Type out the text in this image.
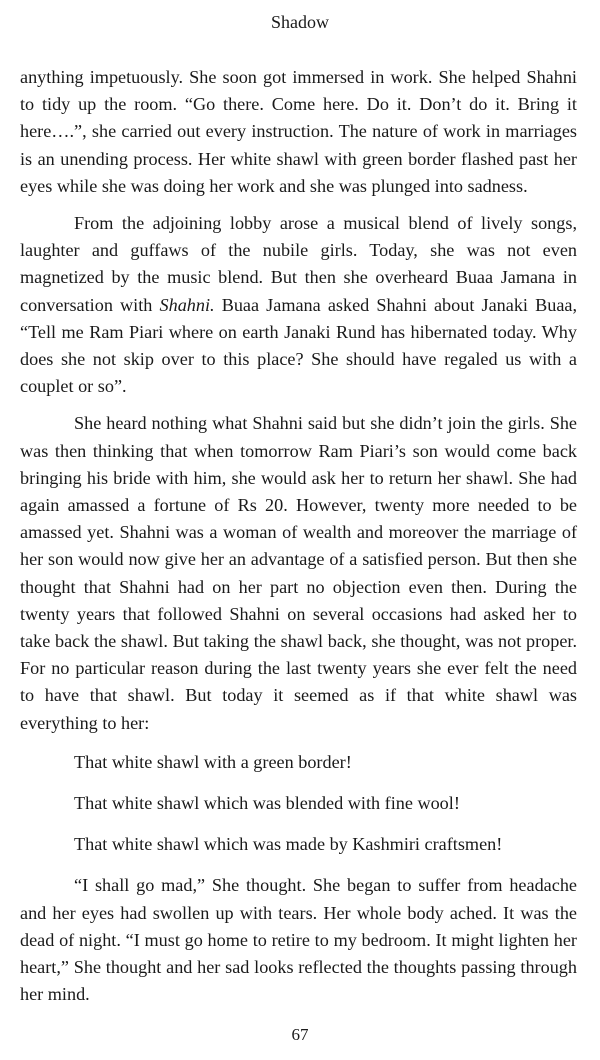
Shadow

anything impetuously. She soon got immersed in work. She helped Shahni to tidy up the room. “Go there. Come here. Do it. Don’t do it. Bring it here….”, she carried out every instruction. The nature of work in marriages is an unending process. Her white shawl with green border flashed past her eyes while she was doing her work and she was plunged into sadness.

From the adjoining lobby arose a musical blend of lively songs, laughter and guffaws of the nubile girls. Today, she was not even magnetized by the music blend. But then she overheard Buaa Jamana in conversation with Shahni. Buaa Jamana asked Shahni about Janaki Buaa, “Tell me Ram Piari where on earth Janaki Rund has hibernated today. Why does she not skip over to this place? She should have regaled us with a couplet or so”.

She heard nothing what Shahni said but she didn’t join the girls. She was then thinking that when tomorrow Ram Piari’s son would come back bringing his bride with him, she would ask her to return her shawl. She had again amassed a fortune of Rs 20. However, twenty more needed to be amassed yet. Shahni was a woman of wealth and moreover the marriage of her son would now give her an advantage of a satisfied person. But then she thought that Shahni had on her part no objection even then. During the twenty years that followed Shahni on several occasions had asked her to take back the shawl. But taking the shawl back, she thought, was not proper. For no particular reason during the last twenty years she ever felt the need to have that shawl. But today it seemed as if that white shawl was everything to her:

That white shawl with a green border!

That white shawl which was blended with fine wool!

That white shawl which was made by Kashmiri craftsmen!

“I shall go mad,” She thought. She began to suffer from headache and her eyes had swollen up with tears. Her whole body ached. It was the dead of night. “I must go home to retire to my bedroom. It might lighten her heart,” She thought and her sad looks reflected the thoughts passing through her mind.

67
